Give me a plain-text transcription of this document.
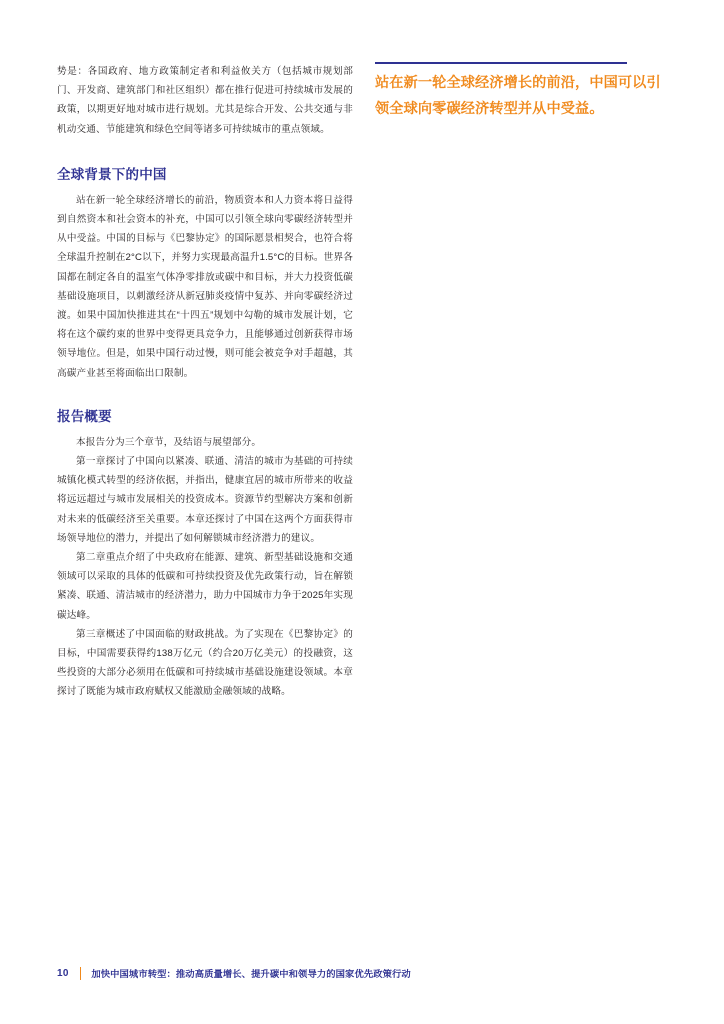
势是：各国政府、地方政策制定者和利益攸关方（包括城市规划部门、开发商、建筑部门和社区组织）都在推行促进可持续城市发展的政策，以期更好地对城市进行规划。尤其是综合开发、公共交通与非机动交通、节能建筑和绿色空间等诸多可持续城市的重点领域。

全球背景下的中国

站在新一轮全球经济增长的前沿，物质资本和人力资本将日益得到自然资本和社会资本的补充，中国可以引领全球向零碳经济转型并从中受益。中国的目标与《巴黎协定》的国际愿景相契合，也符合将全球温升控制在2°C以下，并努力实现最高温升1.5°C的目标。世界各国都在制定各自的温室气体净零排放或碳中和目标，并大力投资低碳基础设施项目，以刺激经济从新冠肺炎疫情中复苏、并向零碳经济过渡。如果中国加快推进其在“十四五”规划中勾勒的城市发展计划，它将在这个碳约束的世界中变得更具竞争力，且能够通过创新获得市场领导地位。但是，如果中国行动过慢，则可能会被竞争对手超越，其高碳产业甚至将面临出口限制。

报告概要

本报告分为三个章节，及结语与展望部分。

第一章探讨了中国向以紧凑、联通、清洁的城市为基础的可持续城镇化模式转型的经济依据，并指出，健康宜居的城市所带来的收益将远远超过与城市发展相关的投资成本。资源节约型解决方案和创新对未来的低碳经济至关重要。本章还探讨了中国在这两个方面获得市场领导地位的潜力，并提出了如何解锁城市经济潜力的建议。

第二章重点介绍了中央政府在能源、建筑、新型基础设施和交通领域可以采取的具体的低碳和可持续投资及优先政策行动，旨在解锁紧凑、联通、清洁城市的经济潜力，助力中国城市力争于2025年实现碳达峰。

第三章概述了中国面临的财政挑战。为了实现在《巴黎协定》的目标，中国需要获得约138万亿元（约合20万亿美元）的投融资，这些投资的大部分必须用在低碳和可持续城市基础设施建设领域。本章探讨了既能为城市政府赋权又能激励金融领域的战略。

站在新一轮全球经济增长的前沿，中国可以引领全球向零碳经济转型并从中受益。
10 加快中国城市转型：推动高质量增长、提升碳中和领导力的国家优先政策行动
